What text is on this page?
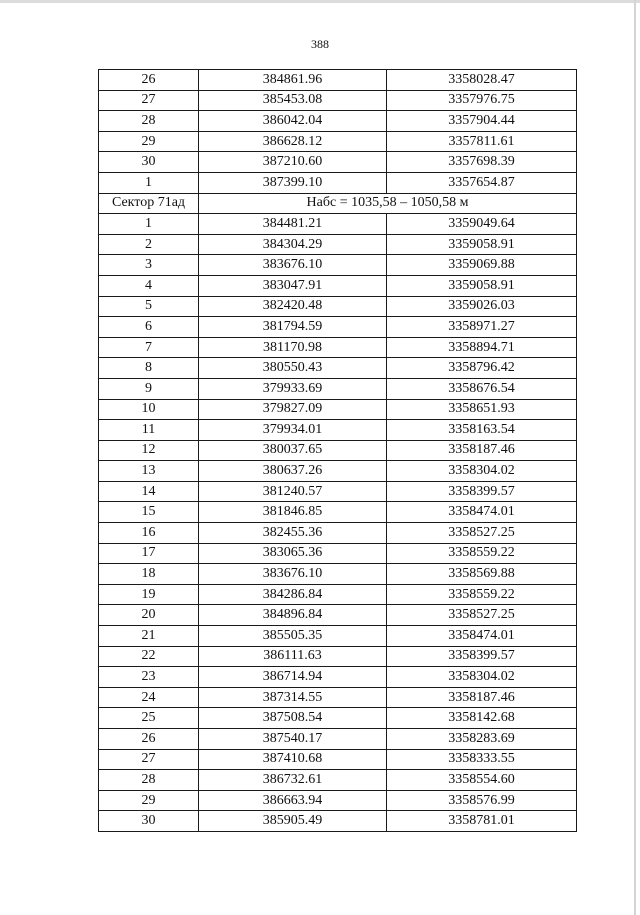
388
26	384861.96	3358028.47
27	385453.08	3357976.75
28	386042.04	3357904.44
29	386628.12	3357811.61
30	387210.60	3357698.39
1	387399.10	3357654.87
Сектор 71ад	Набс = 1035,58 – 1050,58 м	
1	384481.21	3359049.64
2	384304.29	3359058.91
3	383676.10	3359069.88
4	383047.91	3359058.91
5	382420.48	3359026.03
6	381794.59	3358971.27
7	381170.98	3358894.71
8	380550.43	3358796.42
9	379933.69	3358676.54
10	379827.09	3358651.93
11	379934.01	3358163.54
12	380037.65	3358187.46
13	380637.26	3358304.02
14	381240.57	3358399.57
15	381846.85	3358474.01
16	382455.36	3358527.25
17	383065.36	3358559.22
18	383676.10	3358569.88
19	384286.84	3358559.22
20	384896.84	3358527.25
21	385505.35	3358474.01
22	386111.63	3358399.57
23	386714.94	3358304.02
24	387314.55	3358187.46
25	387508.54	3358142.68
26	387540.17	3358283.69
27	387410.68	3358333.55
28	386732.61	3358554.60
29	386663.94	3358576.99
30	385905.49	3358781.01
